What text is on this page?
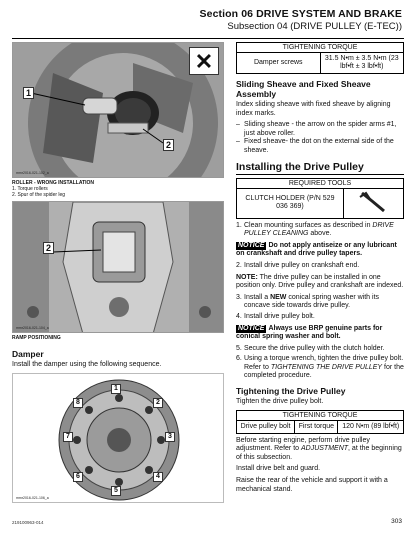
Section 06 DRIVE SYSTEM AND BRAKE
Subsection 04 (DRIVE PULLEY (E-TEC))
1
2
✕
mmr2016-021-102_a
ROLLER - WRONG INSTALLATION
1. Torque rollers
2. Spur of the spider leg
2
mmr2016-021-104_a
RAMP POSITIONING
Damper

Install the damper using the following sequence.

1
2
3
4
5
6
7
8
mmr2016-021-106_a
TIGHTENING TORQUE
Damper screws	31.5 N•m ± 3.5 N•m (23 lbf•ft ± 3 lbf•ft)
Sliding Sheave and Fixed Sheave Assembly

Index sliding sheave with fixed sheave by aligning index marks.

– Sliding sheave - the arrow on the spider arms #1, just above roller.
– Fixed sheave- the dot on the external side of the sheave.
Installing the Drive Pulley
REQUIRED TOOLS
CLUTCH HOLDER (P/N 529 036 369)	
1. Clean mounting surfaces as described in DRIVE PULLEY CLEANING above.

NOTICE Do not apply antiseize or any lubricant on crankshaft and drive pulley tapers.

2. Install drive pulley on crankshaft end.

NOTE: The drive pulley can be installed in one position only. Drive pulley and crankshaft are indexed.

3. Install a NEW conical spring washer with its concave side towards drive pulley.
4. Install drive pulley bolt.

NOTICE Always use BRP genuine parts for conical spring washer and bolt.

5. Secure the drive pulley with the clutch holder.
6. Using a torque wrench, tighten the drive pulley bolt. Refer to TIGHTENING THE DRIVE PULLEY for the completed procedure.
Tightening the Drive Pulley

Tighten the drive pulley bolt.

TIGHTENING TORQUE
Drive pulley bolt	First torque	120 N•m (89 lbf•ft)

Before starting engine, perform drive pulley adjustment. Refer to ADJUSTMENT, at the beginning of this subsection.

Install drive belt and guard.

Raise the rear of the vehicle and support it with a mechanical stand.

219100963-014	303
